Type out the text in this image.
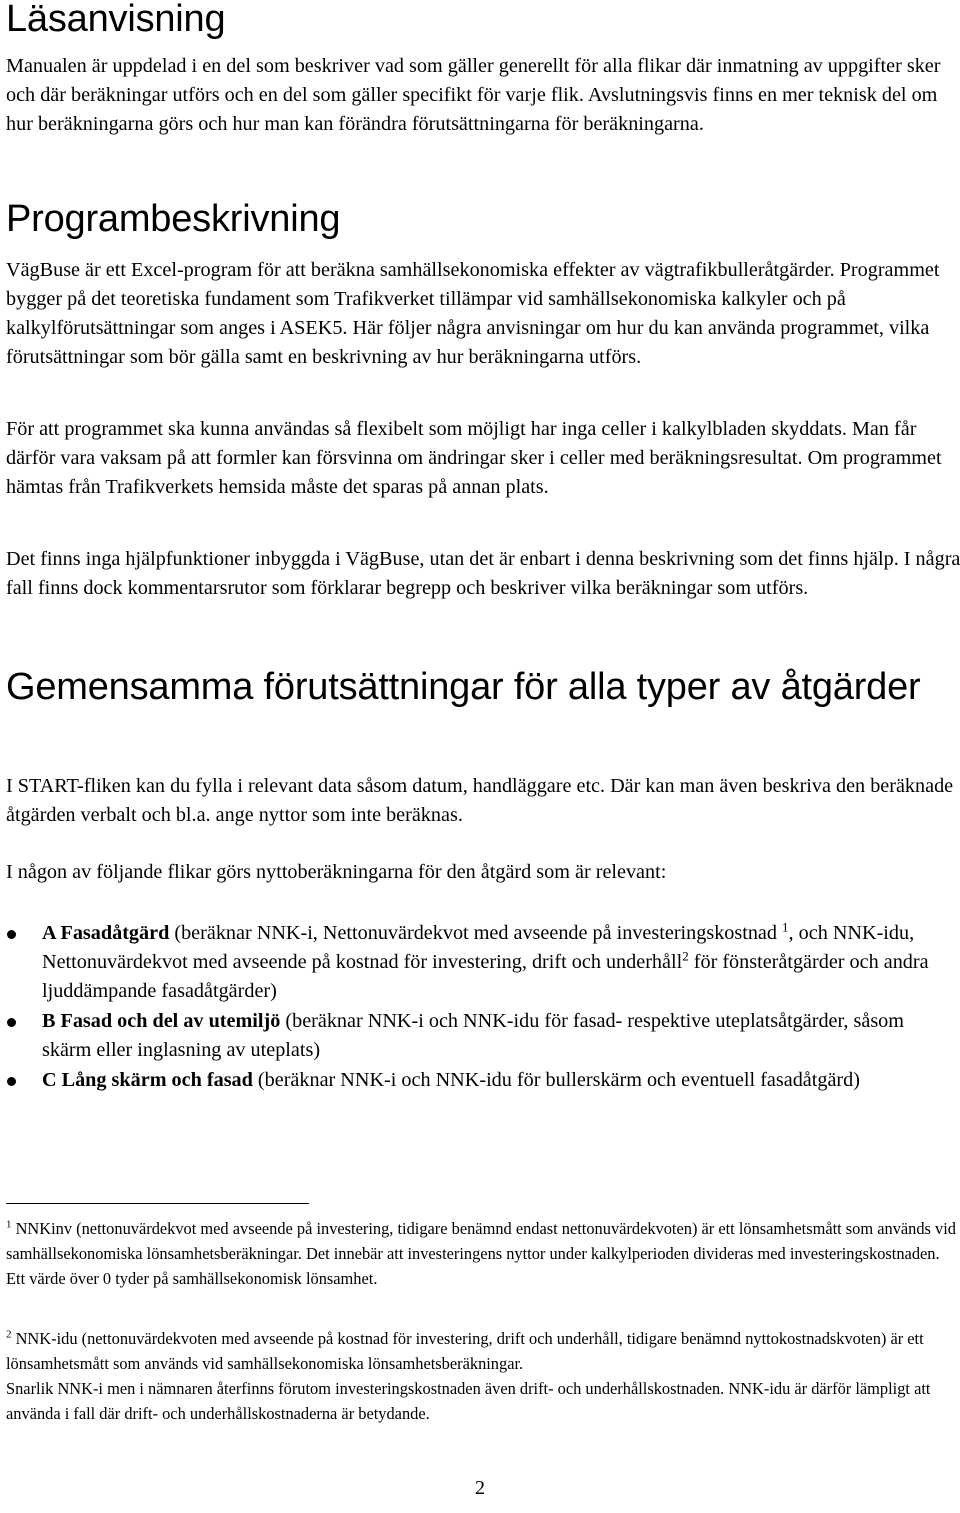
Läsanvisning

Manualen är uppdelad i en del som beskriver vad som gäller generellt för alla flikar där inmatning av uppgifter sker och där beräkningar utförs och en del som gäller specifikt för varje flik. Avslutningsvis finns en mer teknisk del om hur beräkningarna görs och hur man kan förändra förutsättningarna för beräkningarna.

Programbeskrivning

VägBuse är ett Excel-program för att beräkna samhällsekonomiska effekter av vägtrafikbulleråtgärder. Programmet bygger på det teoretiska fundament som Trafikverket tillämpar vid samhällsekonomiska kalkyler och på kalkylförutsättningar som anges i ASEK5. Här följer några anvisningar om hur du kan använda programmet, vilka förutsättningar som bör gälla samt en beskrivning av hur beräkningarna utförs.

För att programmet ska kunna användas så flexibelt som möjligt har inga celler i kalkylbladen skyddats. Man får därför vara vaksam på att formler kan försvinna om ändringar sker i celler med beräkningsresultat. Om programmet hämtas från Trafikverkets hemsida måste det sparas på annan plats.

Det finns inga hjälpfunktioner inbyggda i VägBuse, utan det är enbart i denna beskrivning som det finns hjälp. I några fall finns dock kommentarsrutor som förklarar begrepp och beskriver vilka beräkningar som utförs.

Gemensamma förutsättningar för alla typer av åtgärder

I START-fliken kan du fylla i relevant data såsom datum, handläggare etc. Där kan man även beskriva den beräknade åtgärden verbalt och bl.a. ange nyttor som inte beräknas.

I någon av följande flikar görs nyttoberäkningarna för den åtgärd som är relevant:

A Fasadåtgärd (beräknar NNK-i, Nettonuvärdekvot med avseende på investeringskostnad $^1$, och NNK-idu, Nettonuvärdekvot med avseende på kostnad för investering, drift och underhåll$^2$ för fönsteråtgärder och andra ljuddämpande fasadåtgärder)
B Fasad och del av utemiljö (beräknar NNK-i och NNK-idu för fasad- respektive uteplatsåtgärder, såsom skärm eller inglasning av uteplats)
C Lång skärm och fasad (beräknar NNK-i och NNK-idu för bullerskärm och eventuell fasadåtgärd)

$^1$ NNKinv (nettonuvärdekvot med avseende på investering, tidigare benämnd endast nettonuvärdekvoten) är ett lönsamhetsmått som används vid samhällsekonomiska lönsamhetsberäkningar. Det innebär att investeringens nyttor under kalkylperioden divideras med investeringskostnaden. Ett värde över 0 tyder på samhällsekonomisk lönsamhet.

$^2$ NNK-idu (nettonuvärdekvoten med avseende på kostnad för investering, drift och underhåll, tidigare benämnd nyttokostnadskvoten) är ett lönsamhetsmått som används vid samhällsekonomiska lönsamhetsberäkningar.
Snarlik NNK-i men i nämnaren återfinns förutom investeringskostnaden även drift- och underhållskostnaden. NNK-idu är därför lämpligt att använda i fall där drift- och underhållskostnaderna är betydande.

2
